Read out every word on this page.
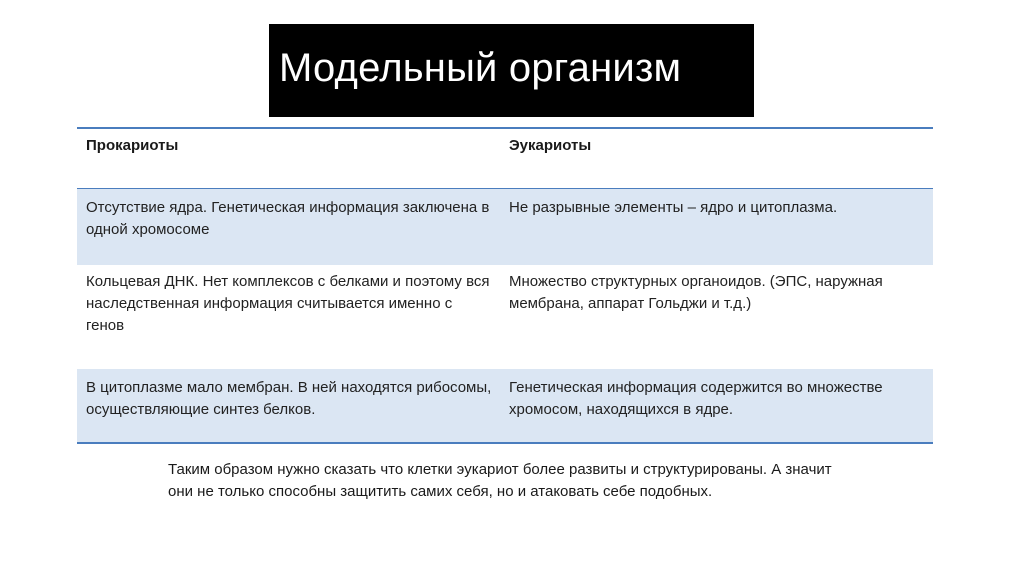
Модельный организм
Прокариоты	Эукариоты
Отсутствие ядра. Генетическая информация заключена в одной хромосоме
Не разрывные элементы – ядро и цитоплазма.
Кольцевая ДНК. Нет комплексов с белками и поэтому вся наследственная информация считывается именно с генов
Множество структурных органоидов. (ЭПС, наружная мембрана, аппарат Гольджи и т.д.)
В цитоплазме мало мембран. В ней находятся рибосомы, осуществляющие синтез белков.
Генетическая информация содержится во множестве хромосом, находящихся в ядре.
Таким образом нужно сказать что клетки эукариот более развиты и структурированы. А значит они не только способны защитить самих себя, но и атаковать себе подобных.
